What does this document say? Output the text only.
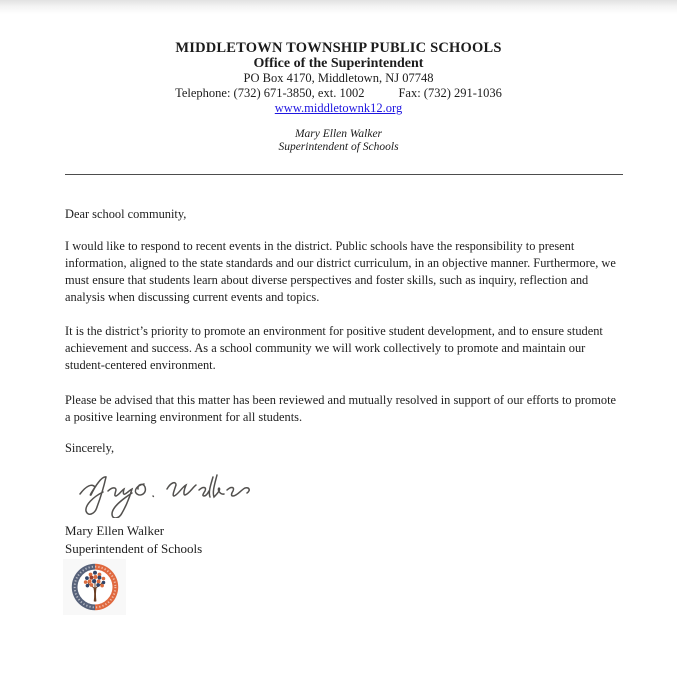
MIDDLETOWN TOWNSHIP PUBLIC SCHOOLS
Office of the Superintendent
PO Box 4170, Middletown, NJ 07748
Telephone: (732) 671-3850, ext. 1002	Fax: (732) 291-1036
www.middletownk12.org
Mary Ellen Walker
Superintendent of Schools

Dear school community,

I would like to respond to recent events in the district. Public schools have the responsibility to present information, aligned to the state standards and our district curriculum, in an objective manner. Furthermore, we must ensure that students learn about diverse perspectives and foster skills, such as inquiry, reflection and analysis when discussing current events and topics.

It is the district’s priority to promote an environment for positive student development, and to ensure student achievement and success. As a school community we will work collectively to promote and maintain our student-centered environment.

Please be advised that this matter has been reviewed and mutually resolved in support of our efforts to promote a positive learning environment for all students.

Sincerely,

Mary Ellen Walker
Superintendent of Schools
